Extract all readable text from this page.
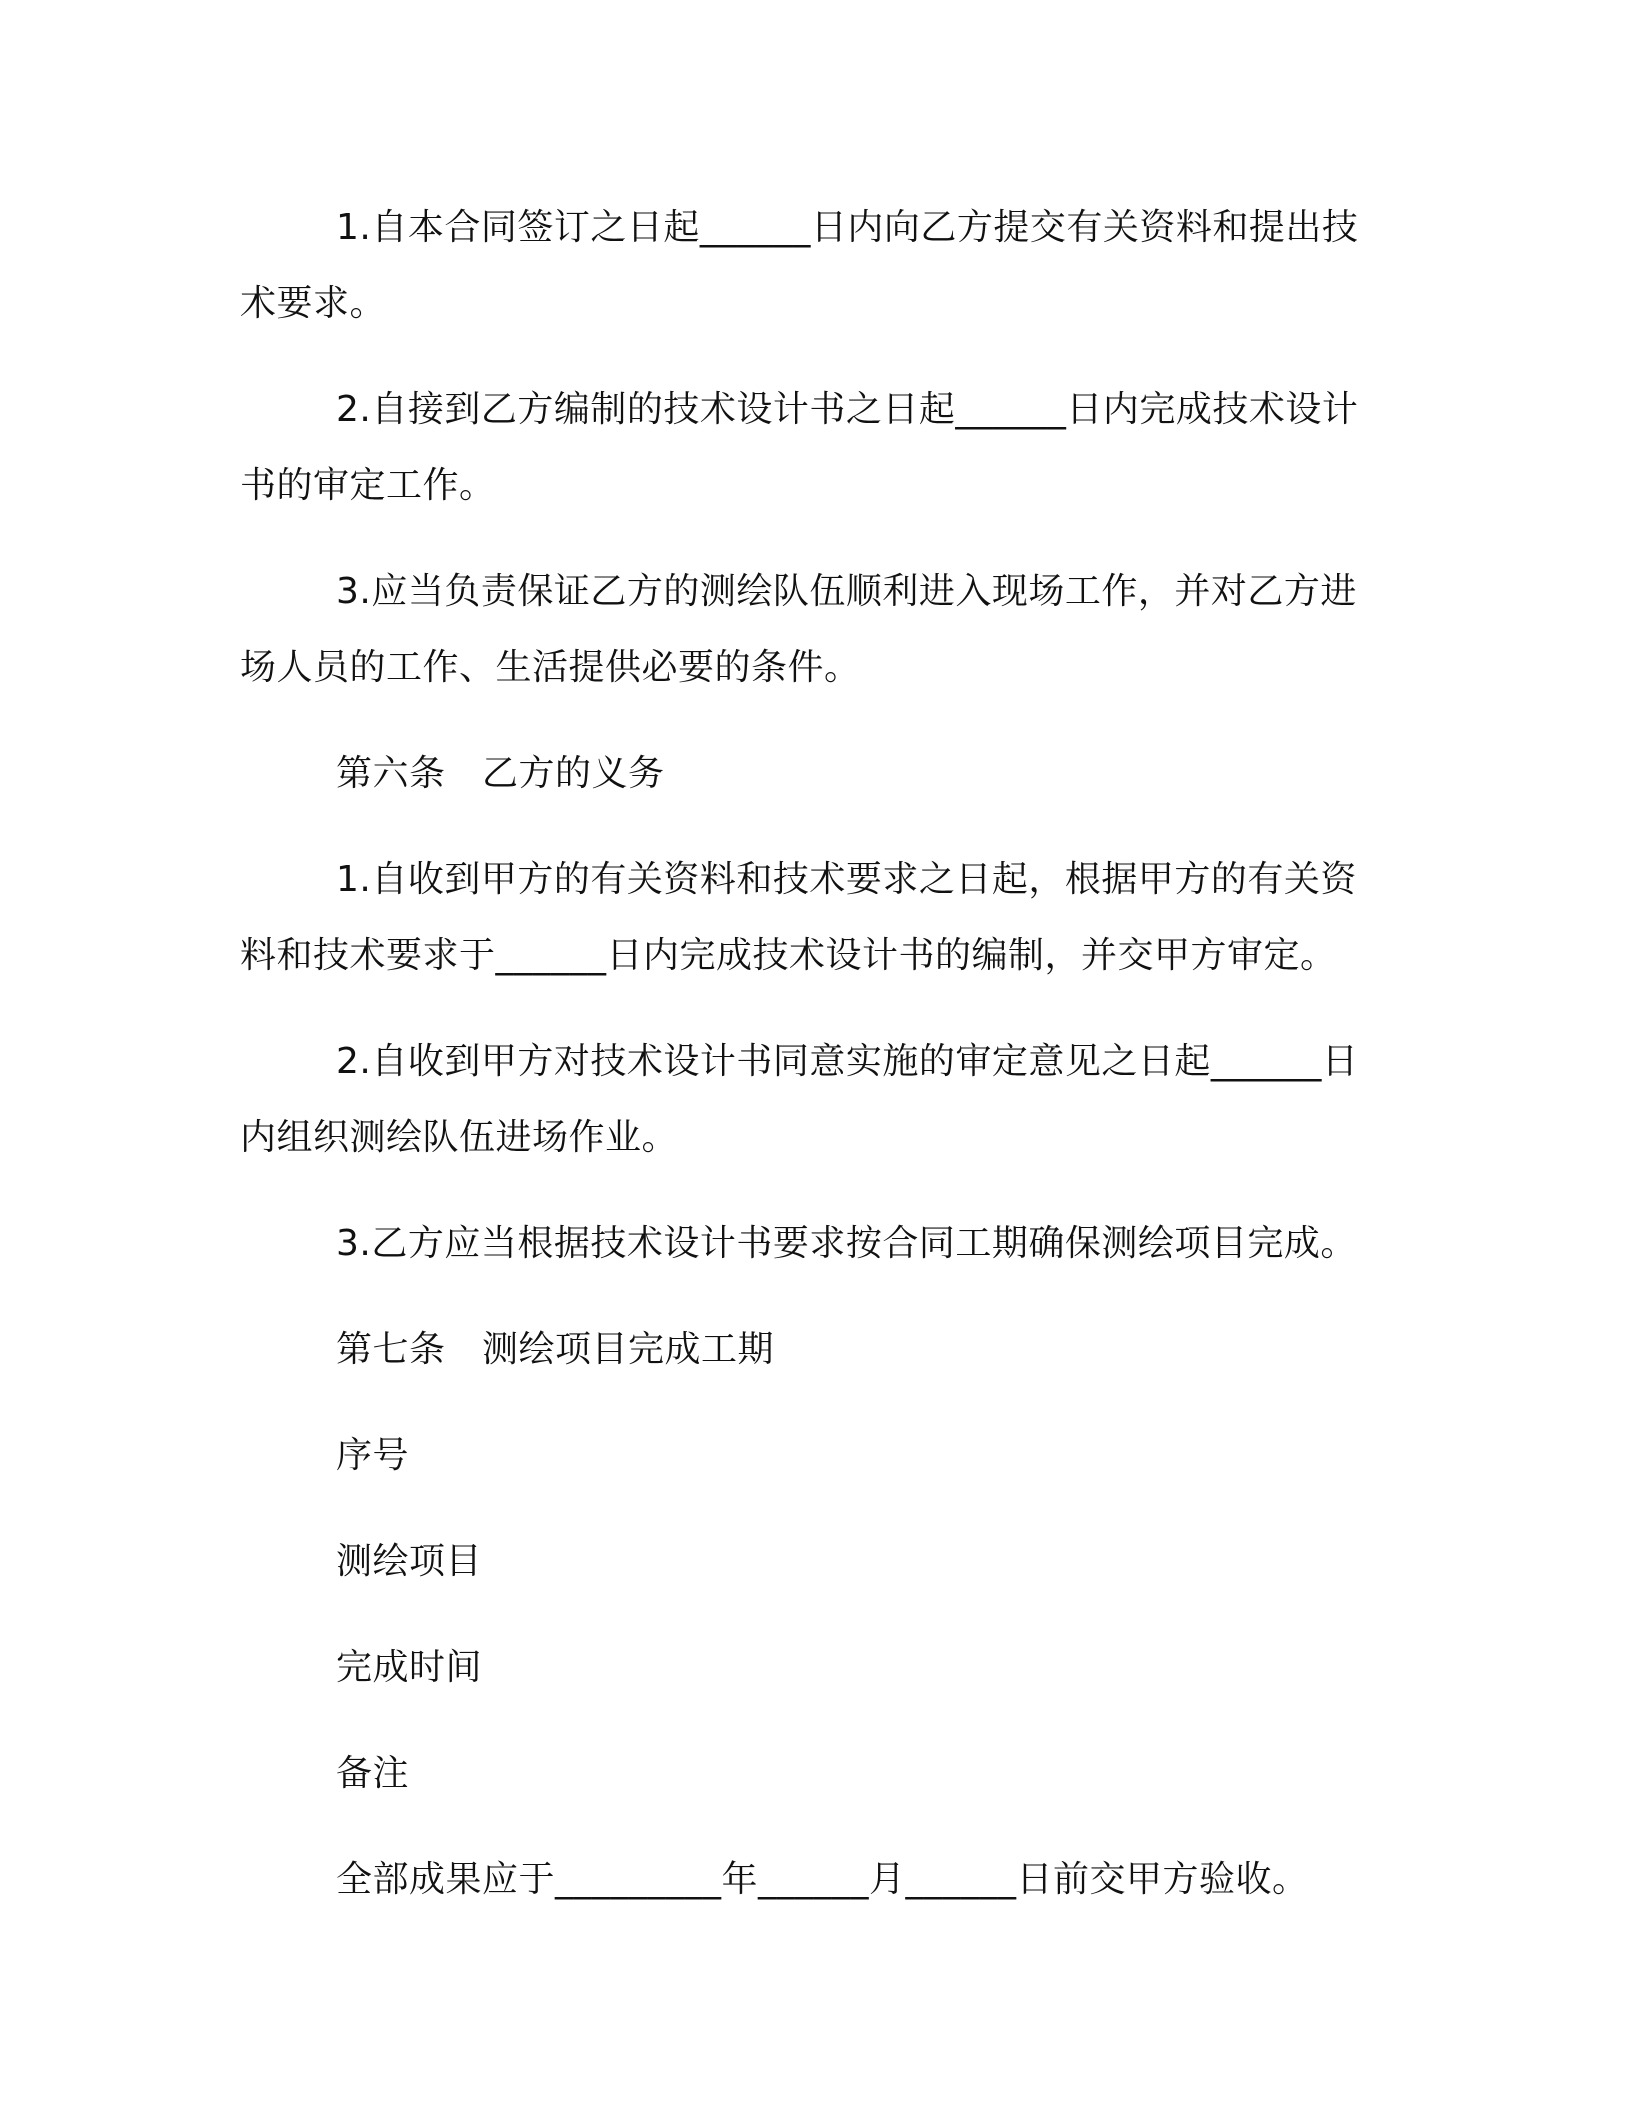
1.自本合同签订之日起______日内向乙方提交有关资料和提出技术要求。

2.自接到乙方编制的技术设计书之日起______日内完成技术设计书的审定工作。

3.应当负责保证乙方的测绘队伍顺利进入现场工作，并对乙方进场人员的工作、生活提供必要的条件。

第六条　乙方的义务

1.自收到甲方的有关资料和技术要求之日起，根据甲方的有关资料和技术要求于______日内完成技术设计书的编制，并交甲方审定。

2.自收到甲方对技术设计书同意实施的审定意见之日起______日内组织测绘队伍进场作业。

3.乙方应当根据技术设计书要求按合同工期确保测绘项目完成。

第七条　测绘项目完成工期

序号

测绘项目

完成时间

备注

全部成果应于_________年______月______日前交甲方验收。
